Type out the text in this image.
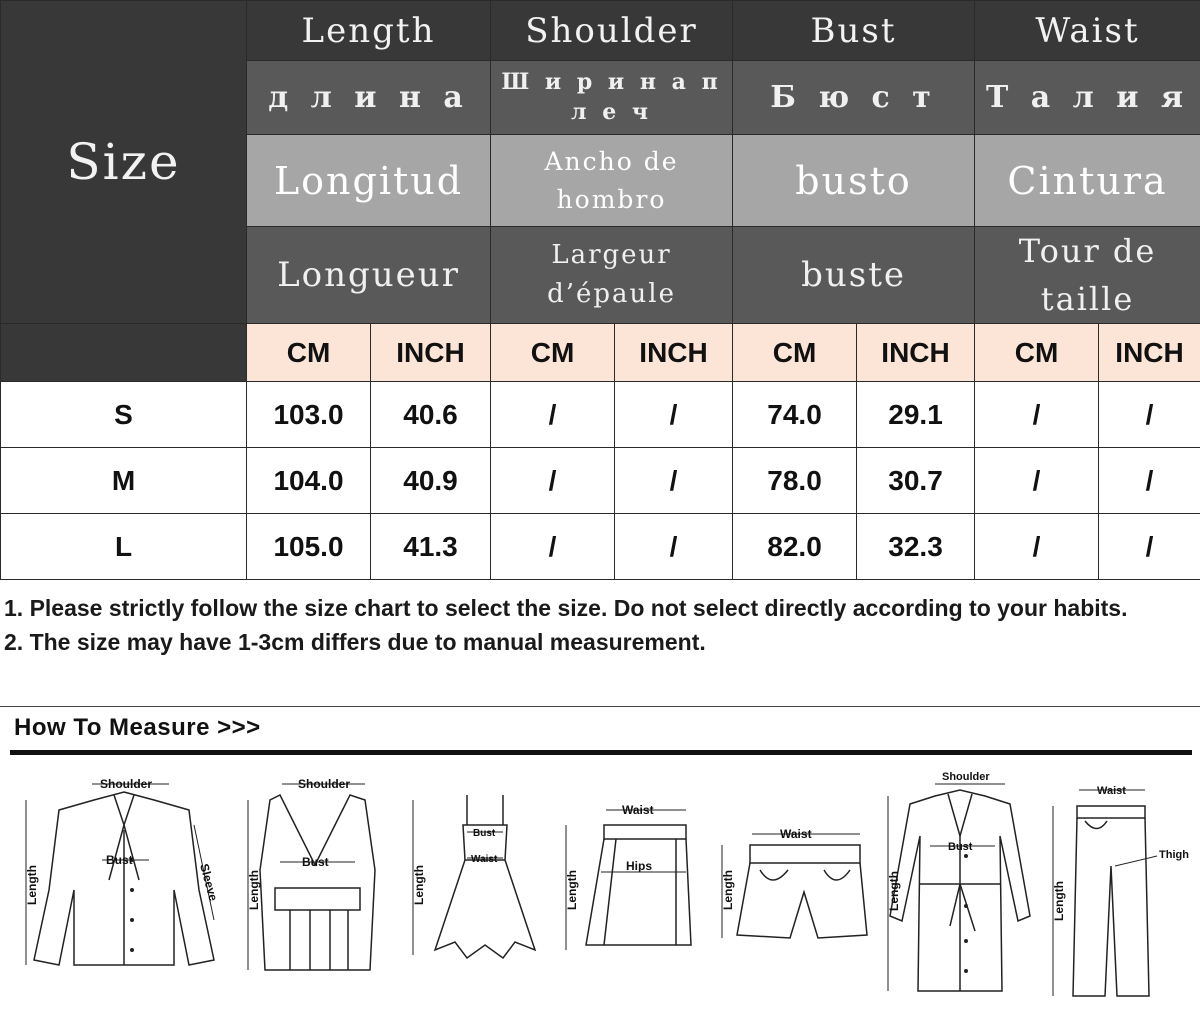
Size	Length		Shoulder		Bust		Waist	
	д л и н а		Ш и р и н а п
л е ч		Б ю с т		Т а л и я	
	Longitud		Ancho de
hombro		busto		Cintura	
	Longueur		Largeur
d’épaule		buste		Tour de
taille	
	CM	INCH	CM	INCH	CM	INCH	CM	INCH
S	103.0	40.6	/	/	74.0	29.1	/	/
M	104.0	40.9	/	/	78.0	30.7	/	/
L	105.0	41.3	/	/	82.0	32.3	/	/
1. Please strictly follow the size chart to select the size. Do not select directly according to your habits.
2. The size may have 1-3cm differs due to manual measurement.
How To Measure >>>
Shoulder
Bust
Sleeve
Length
Shoulder
Bust
Length
Bust
Waist
Length
Waist
Hips
Length
Waist
Length
Shoulder
Bust
Length
Waist
Thigh
Length
